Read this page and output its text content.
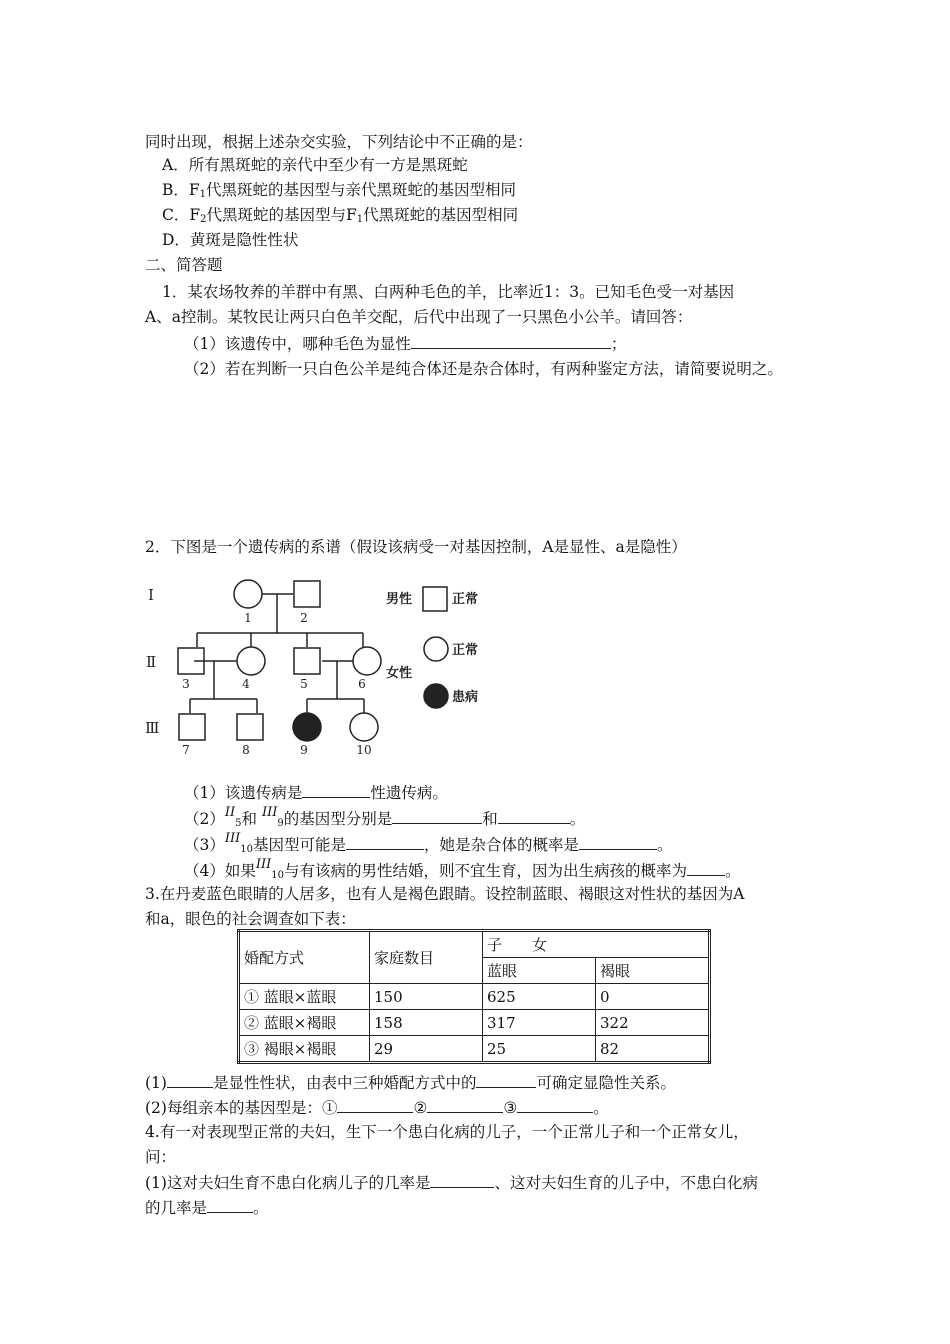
同时出现，根据上述杂交实验，下列结论中不正确的是：
A．所有黑斑蛇的亲代中至少有一方是黑斑蛇
B．$F_1$代黑斑蛇的基因型与亲代黑斑蛇的基因型相同
C．$F_2$代黑斑蛇的基因型与$F_1$代黑斑蛇的基因型相同
D．黄斑是隐性性状
二、简答题
1．某农场牧养的羊群中有黑、白两种毛色的羊，比率近1：3。已知毛色受一对基因
A、a控制。某牧民让两只白色羊交配，后代中出现了一只黑色小公羊。请回答：
（1）该遗传中，哪种毛色为显性	；
（2）若在判断一只白色公羊是纯合体还是杂合体时，有两种鉴定方法，请简要说明之。
2．下图是一个遗传病的系谱（假设该病受一对基因控制，A是显性、a是隐性）
I
Ⅱ
Ⅲ
1	2
3	4	5	6
7	8	9	10
男性	正常
正常
女性
患病
（1）该遗传病是	性遗传病。
$(2)^{II}_5$和 $^{III}_9$的基因型分别是	和	。
$(3)^{III}_{10}$基因型可能是	，她是杂合体的概率是	。
（4）如果$^{III}_{10}$与有该病的男性结婚，则不宜生育，因为出生病孩的概率为 。
3.在丹麦蓝色眼睛的人居多，也有人是褐色跟睛。设控制蓝眼、褐眼这对性状的基因为A
和a，眼色的社会调查如下表：
婚配方式	家庭数目	子　　女	
		蓝眼	褐眼
① 蓝眼×蓝眼	150	625	0
② 蓝眼×褐眼	158	317	322
③ 褐眼×褐眼	29	25	82
(1)	是显性性状，由表中三种婚配方式中的	可确定显隐性关系。
(2)每组亲本的基因型是：①	②	③	。
4.有一对表现型正常的夫妇，生下一个患白化病的儿子，一个正常儿子和一个正常女儿，
问：
(1)这对夫妇生育不患白化病儿子的几率是	、这对夫妇生育的儿子中，不患白化病
的几率是	。
